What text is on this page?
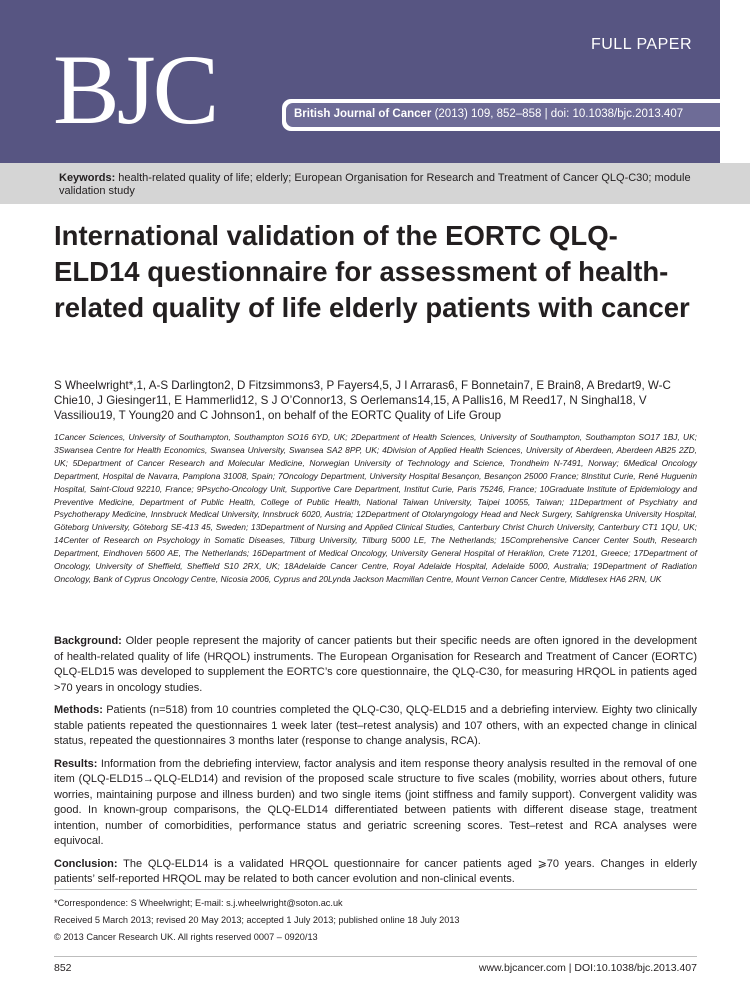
BJC	FULL PAPER
British Journal of Cancer (2013) 109, 852–858 | doi: 10.1038/bjc.2013.407
Keywords: health-related quality of life; elderly; European Organisation for Research and Treatment of Cancer QLQ-C30; module validation study
International validation of the EORTC QLQ-ELD14 questionnaire for assessment of health-related quality of life elderly patients with cancer
S Wheelwright*,1, A-S Darlington2, D Fitzsimmons3, P Fayers4,5, J I Arraras6, F Bonnetain7, E Brain8, A Bredart9, W-C Chie10, J Giesinger11, E Hammerlid12, S J O’Connor13, S Oerlemans14,15, A Pallis16, M Reed17, N Singhal18, V Vassiliou19, T Young20 and C Johnson1, on behalf of the EORTC Quality of Life Group
1Cancer Sciences, University of Southampton, Southampton SO16 6YD, UK; 2Department of Health Sciences, University of Southampton, Southampton SO17 1BJ, UK; 3Swansea Centre for Health Economics, Swansea University, Swansea SA2 8PP, UK; 4Division of Applied Health Sciences, University of Aberdeen, Aberdeen AB25 2ZD, UK; 5Department of Cancer Research and Molecular Medicine, Norwegian University of Technology and Science, Trondheim N-7491, Norway; 6Medical Oncology Department, Hospital de Navarra, Pamplona 31008, Spain; 7Oncology Department, University Hospital Besançon, Besançon 25000 France; 8Institut Curie, René Huguenin Hospital, Saint-Cloud 92210, France; 9Psycho-Oncology Unit, Supportive Care Department, Institut Curie, Paris 75246, France; 10Graduate Institute of Epidemiology and Preventive Medicine, Department of Public Health, College of Public Health, National Taiwan University, Taipei 10055, Taiwan; 11Department of Psychiatry and Psychotherapy Medicine, Innsbruck Medical University, Innsbruck 6020, Austria; 12Department of Otolaryngology Head and Neck Surgery, Sahlgrenska University Hospital, Göteborg University, Göteborg SE-413 45, Sweden; 13Department of Nursing and Applied Clinical Studies, Canterbury Christ Church University, Canterbury CT1 1QU, UK; 14Center of Research on Psychology in Somatic Diseases, Tilburg University, Tilburg 5000 LE, The Netherlands; 15Comprehensive Cancer Center South, Research Department, Eindhoven 5600 AE, The Netherlands; 16Department of Medical Oncology, University General Hospital of Heraklion, Crete 71201, Greece; 17Department of Oncology, University of Sheffield, Sheffield S10 2RX, UK; 18Adelaide Cancer Centre, Royal Adelaide Hospital, Adelaide 5000, Australia; 19Department of Radiation Oncology, Bank of Cyprus Oncology Centre, Nicosia 2006, Cyprus and 20Lynda Jackson Macmillan Centre, Mount Vernon Cancer Centre, Middlesex HA6 2RN, UK

Background: Older people represent the majority of cancer patients but their specific needs are often ignored in the development of health-related quality of life (HRQOL) instruments. The European Organisation for Research and Treatment of Cancer (EORTC) QLQ-ELD15 was developed to supplement the EORTC’s core questionnaire, the QLQ-C30, for measuring HRQOL in patients aged >70 years in oncology studies.

Methods: Patients (n=518) from 10 countries completed the QLQ-C30, QLQ-ELD15 and a debriefing interview. Eighty two clinically stable patients repeated the questionnaires 1 week later (test–retest analysis) and 107 others, with an expected change in clinical status, repeated the questionnaires 3 months later (response to change analysis, RCA).

Results: Information from the debriefing interview, factor analysis and item response theory analysis resulted in the removal of one item (QLQ-ELD15→QLQ-ELD14) and revision of the proposed scale structure to five scales (mobility, worries about others, future worries, maintaining purpose and illness burden) and two single items (joint stiffness and family support). Convergent validity was good. In known-group comparisons, the QLQ-ELD14 differentiated between patients with different disease stage, treatment intention, number of comorbidities, performance status and geriatric screening scores. Test–retest and RCA analyses were equivocal.

Conclusion: The QLQ-ELD14 is a validated HRQOL questionnaire for cancer patients aged ⩾70 years. Changes in elderly patients’ self-reported HRQOL may be related to both cancer evolution and non-clinical events.

*Correspondence: S Wheelwright; E-mail: s.j.wheelwright@soton.ac.uk
Received 5 March 2013; revised 20 May 2013; accepted 1 July 2013; published online 18 July 2013
© 2013 Cancer Research UK. All rights reserved 0007 – 0920/13
852	www.bjcancer.com | DOI:10.1038/bjc.2013.407
